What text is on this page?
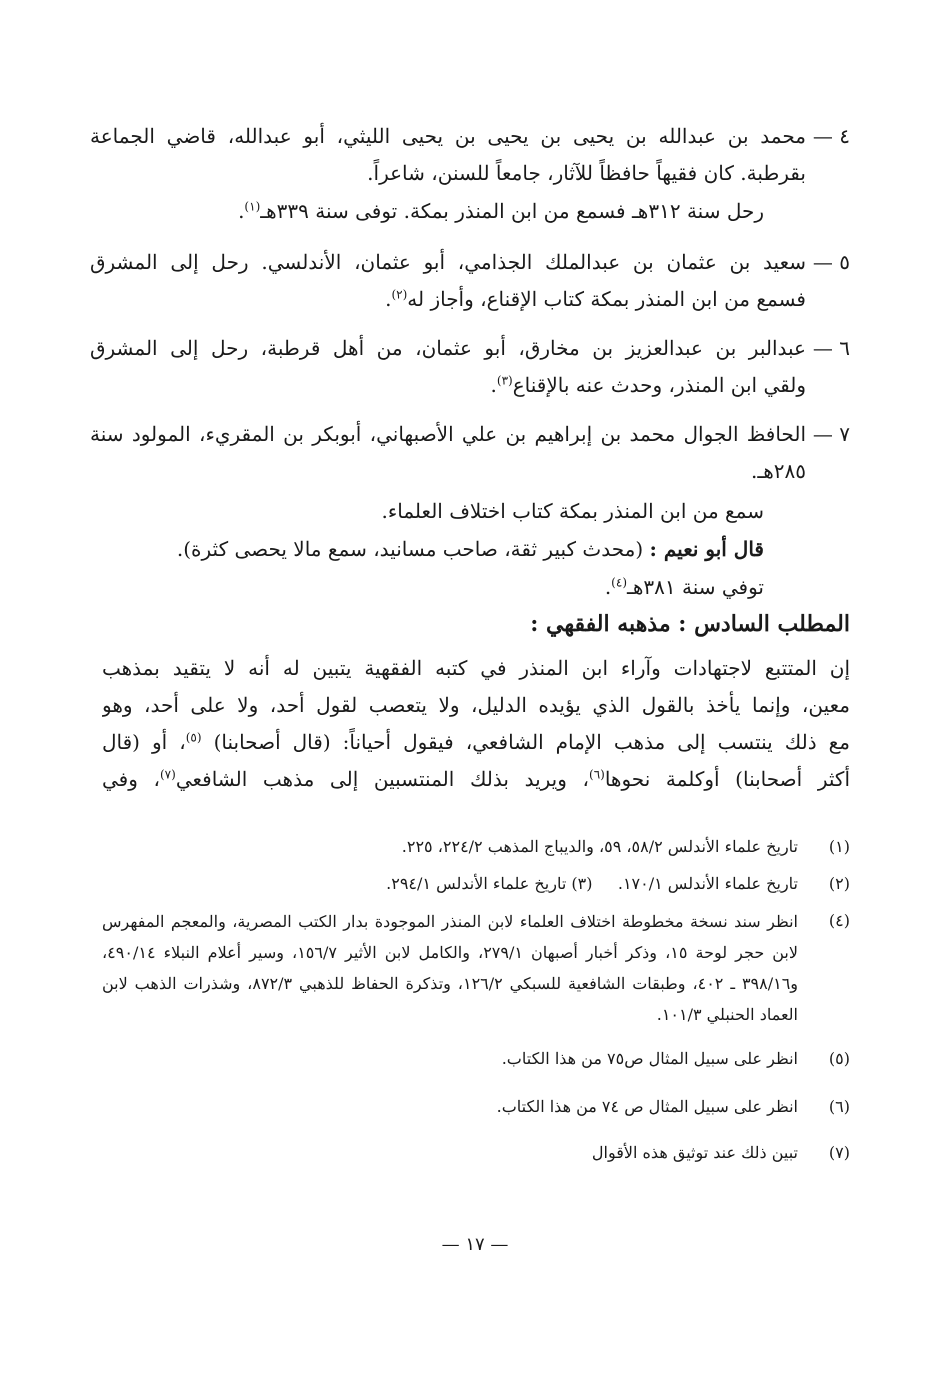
٤ —
محمد بن عبدالله بن يحيى بن يحيى بن يحيى الليثي، أبو عبدالله، قاضي الجماعة
بقرطبة. كان فقيهاً حافظاً للآثار، جامعاً للسنن، شاعراً.
رحل سنة ٣١٢هـ فسمع من ابن المنذر بمكة. توفى سنة ٣٣٩هـ$^{(١)}$.
٥ —
سعيد بن عثمان بن عبدالملك الجذامي، أبو عثمان، الأندلسي. رحل إلى المشرق
فسمع من ابن المنذر بمكة كتاب الإقناع، وأجاز له$^{(٢)}$.
٦ —
عبدالبر بن عبدالعزيز بن مخارق، أبو عثمان، من أهل قرطبة، رحل إلى المشرق
ولقي ابن المنذر، وحدث عنه بالإقناع$^{(٣)}$.
٧ —
الحافظ الجوال محمد بن إبراهيم بن علي الأصبهاني، أبوبكر بن المقريء، المولود سنة
٢٨٥هـ.
سمع من ابن المنذر بمكة كتاب اختلاف العلماء.
قال أبو نعيم : (محدث كبير ثقة، صاحب مسانيد، سمع مالا يحصى كثرة).
توفي سنة ٣٨١هـ$^{(٤)}$.
المطلب السادس : مذهبه الفقهي :
إن المتتبع لاجتهادات وآراء ابن المنذر في كتبه الفقهية يتبين له أنه لا يتقيد بمذهب
معين، وإنما يأخذ بالقول الذي يؤيده الدليل، ولا يتعصب لقول أحد، ولا على أحد، وهو
مع ذلك ينتسب إلى مذهب الإمام الشافعي، فيقول أحياناً: (قال أصحابنا) $^{(٥)}$، أو (قال
أكثر أصحابنا) أوكلمة نحوها$^{(٦)}$، ويريد بذلك المنتسبين إلى مذهب الشافعي$^{(٧)}$، وفي
(١)
تاريخ علماء الأندلس ٥٨/٢، ٥٩، والديباج المذهب ٢٢٤/٢، ٢٢٥.
(٢)
تاريخ علماء الأندلس ١٧٠/١.     (٣) تاريخ علماء الأندلس ٢٩٤/١.
(٤)
انظر سند نسخة مخطوطة اختلاف العلماء لابن المنذر الموجودة بدار الكتب المصرية، والمعجم المفهرس لابن حجر لوحة ١٥، وذكر أخبار أصبهان ٢٧٩/١، والكامل لابن الأثير ١٥٦/٧، وسير أعلام النبلاء ٤٩٠/١٤، و٣٩٨/١٦ ـ ٤٠٢، وطبقات الشافعية للسبكي ١٢٦/٢، وتذكرة الحفاظ للذهبي ٨٧٢/٣، وشذرات الذهب لابن العماد الحنبلي ١٠١/٣.
(٥)
انظر على سبيل المثال ص٧٥ من هذا الكتاب.
(٦)
انظر على سبيل المثال ص ٧٤ من هذا الكتاب.
(٧)
تبين ذلك عند توثيق هذه الأقوال
— ١٧ —
